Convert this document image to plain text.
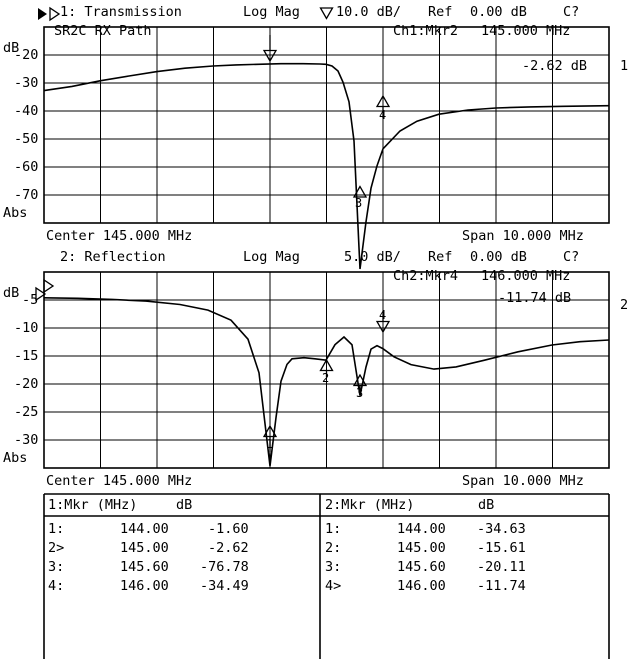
1: Transmission	Log Mag	10.0 dB/ Ref 0.00 dB	C?
SR2C RX Path	Ch1:Mkr2 145.000 MHz
-2.62 dB 1
dB
-20
-30
-40
-50
-60
-70
Abs
3
4
Center 145.000 MHz	Span 10.000 MHz
2: Reflection	Log Mag	5.0 dB/ Ref 0.00 dB	C?
Ch2:Mkr4 146.000 MHz
-11.74 dB	2
dB -5
-10
-15
-20
-25
-30
Abs
2
3
1
4
Center 145.000 MHz	Span 10.000 MHz
1:Mkr (MHz)	dB	2:Mkr (MHz)	dB
1:	144.00	-1.60
2>	145.00	-2.62
3:	145.60 -76.78
4:	146.00 -34.49
1:	144.00 -34.63
2:	145.00 -15.61
3:	145.60 -20.11
4>	146.00 -11.74
